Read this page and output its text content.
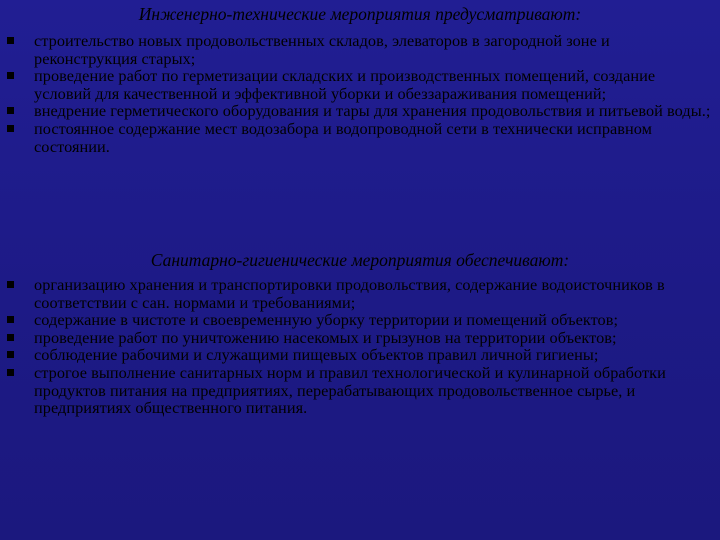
Инженерно-технические мероприятия предусматривают:
строительство новых продовольственных складов, элеваторов в загородной зоне и реконструкция старых;
проведение работ по герметизации складских и производственных помещений, создание условий для качественной и эффективной уборки и обеззараживания помещений;
внедрение герметического оборудования и тары для хранения продовольствия и питьевой воды.;
постоянное содержание мест водозабора и водопроводной сети в технически исправном состоянии.
Санитарно-гигиенические мероприятия обеспечивают:
организацию хранения и транспортировки продовольствия, содержание водоисточников в соответствии с сан. нормами и требованиями;
содержание в чистоте и своевременную уборку территории и помещений объектов;
проведение работ по уничтожению насекомых и грызунов на территории объектов;
соблюдение рабочими и служащими пищевых объектов правил личной гигиены;
строгое выполнение санитарных норм и правил технологической и кулинарной обработки продуктов питания на предприятиях, перерабатывающих продовольственное сырье, и предприятиях общественного питания.
